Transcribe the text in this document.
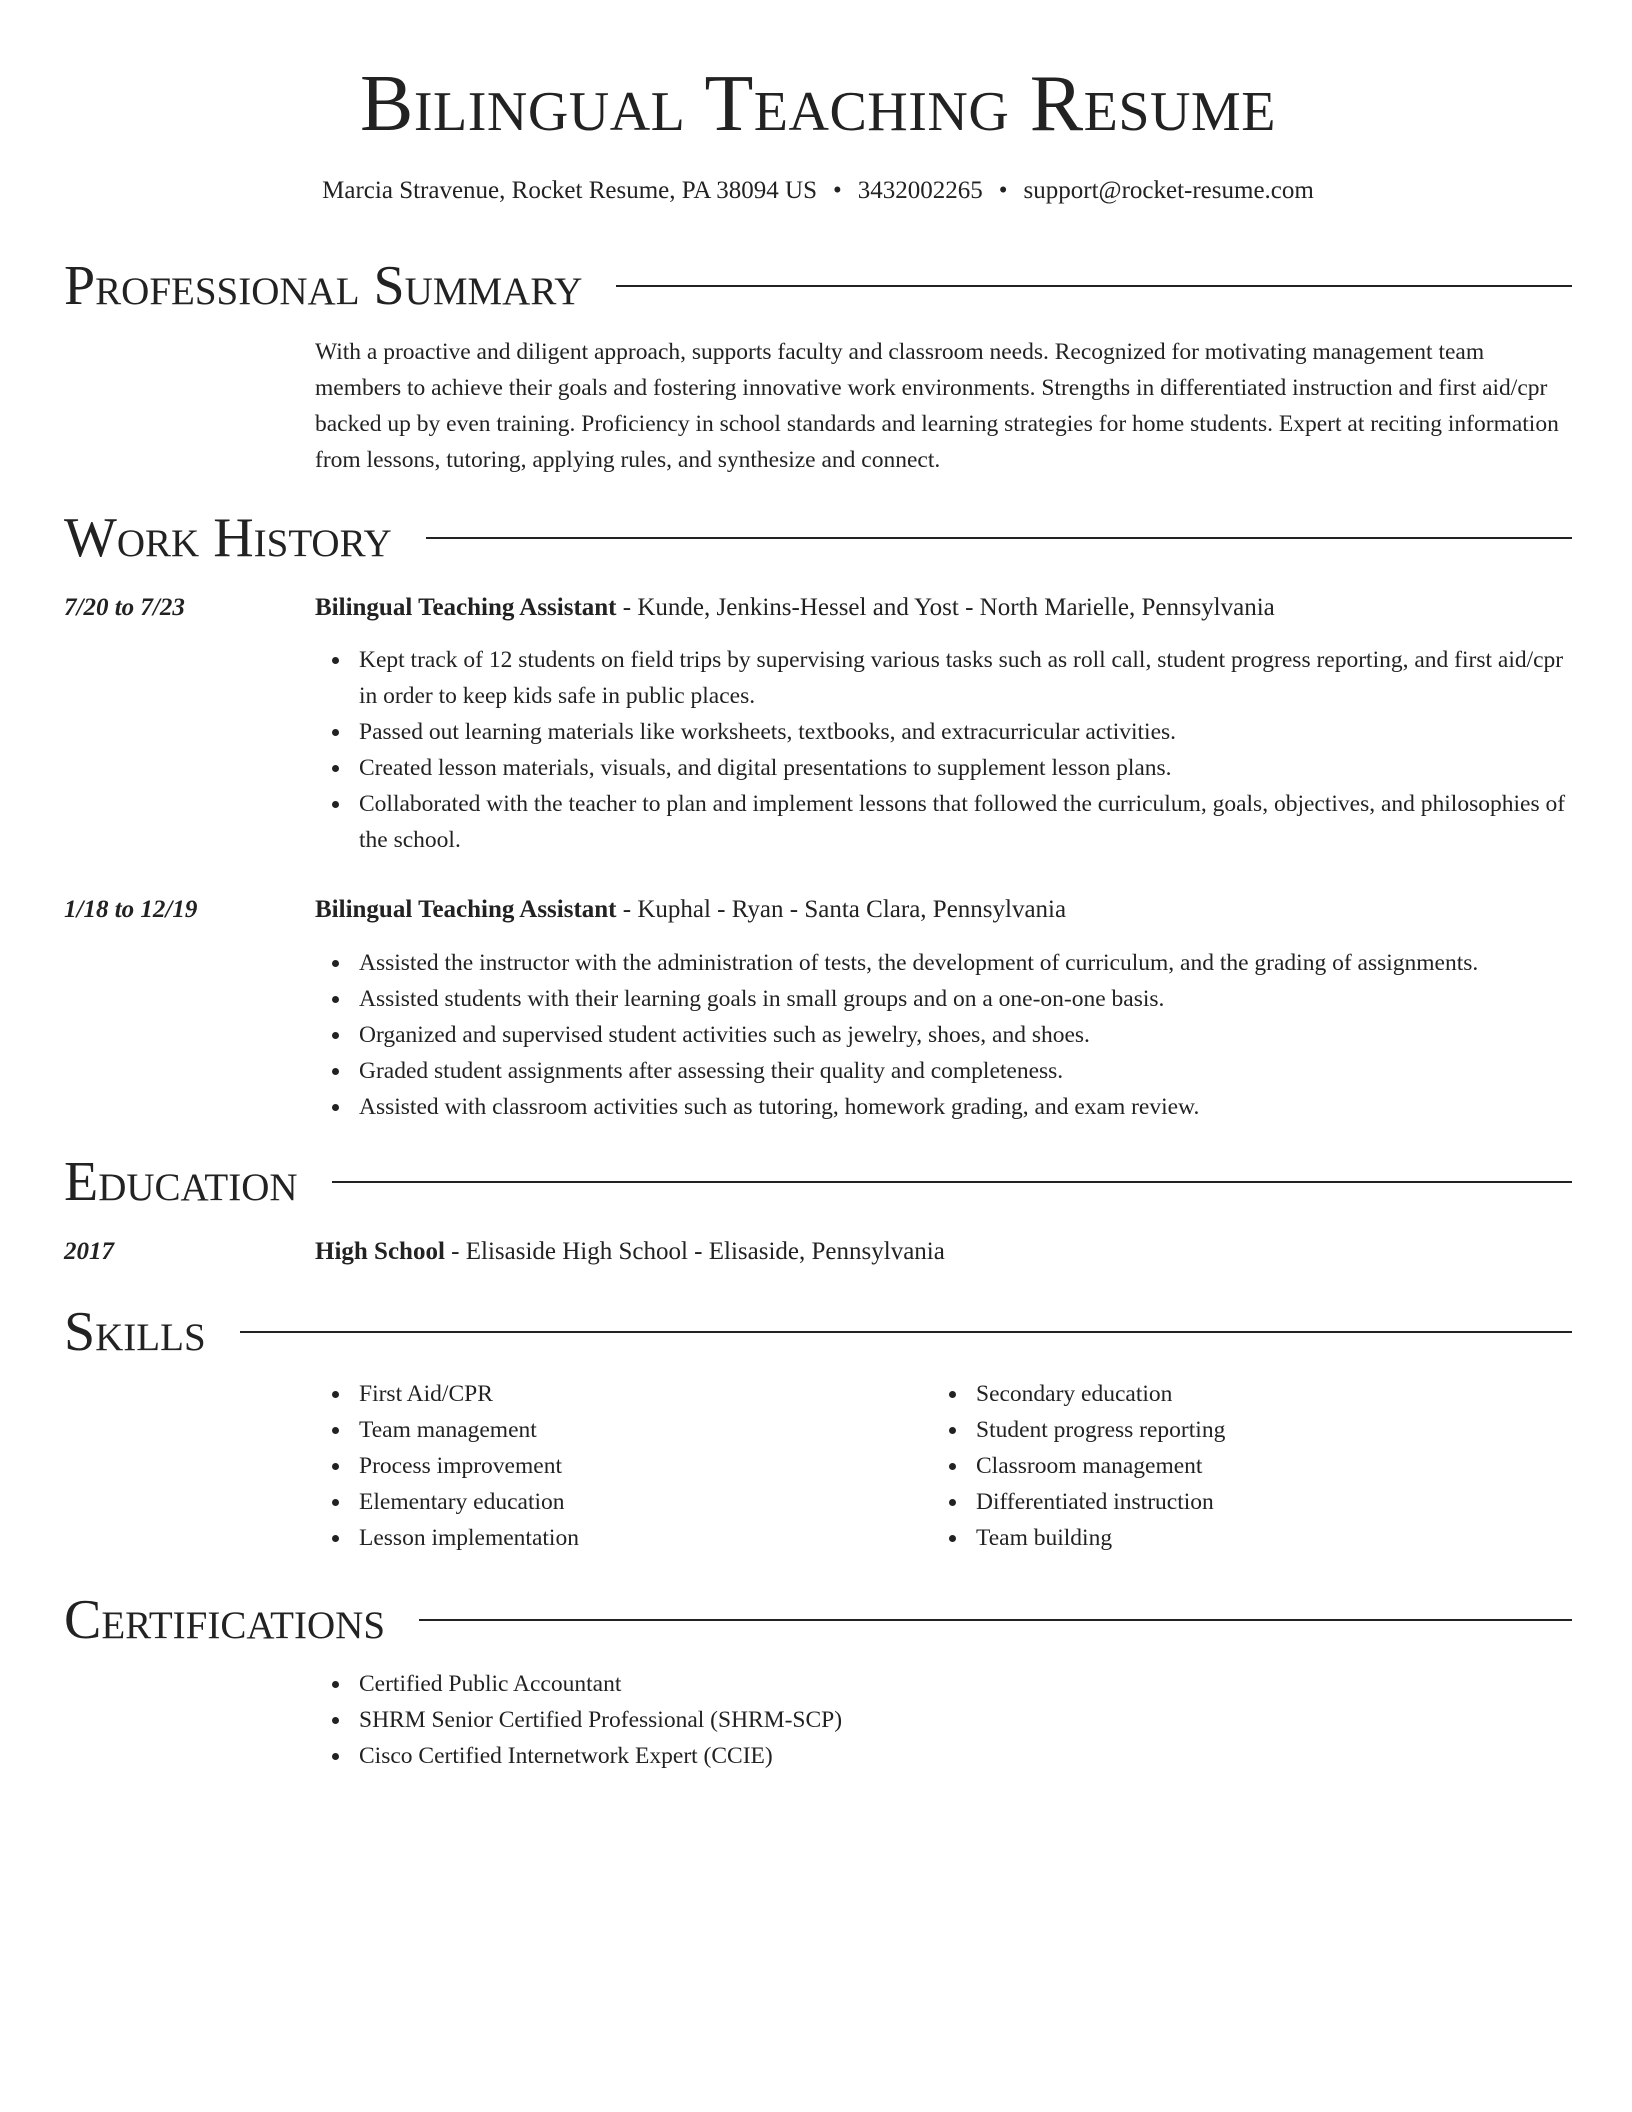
Bilingual Teaching Resume
Marcia Stravenue, Rocket Resume, PA 38094 US • 3432002265 • support@rocket-resume.com
Professional Summary
With a proactive and diligent approach, supports faculty and classroom needs. Recognized for motivating management team members to achieve their goals and fostering innovative work environments. Strengths in differentiated instruction and first aid/cpr backed up by even training. Proficiency in school standards and learning strategies for home students. Expert at reciting information from lessons, tutoring, applying rules, and synthesize and connect.
Work History
7/20 to 7/23	Bilingual Teaching Assistant - Kunde, Jenkins-Hessel and Yost - North Marielle, Pennsylvania
Kept track of 12 students on field trips by supervising various tasks such as roll call, student progress reporting, and first aid/cpr in order to keep kids safe in public places.
Passed out learning materials like worksheets, textbooks, and extracurricular activities.
Created lesson materials, visuals, and digital presentations to supplement lesson plans.
Collaborated with the teacher to plan and implement lessons that followed the curriculum, goals, objectives, and philosophies of the school.
1/18 to 12/19	Bilingual Teaching Assistant - Kuphal - Ryan - Santa Clara, Pennsylvania
Assisted the instructor with the administration of tests, the development of curriculum, and the grading of assignments.
Assisted students with their learning goals in small groups and on a one-on-one basis.
Organized and supervised student activities such as jewelry, shoes, and shoes.
Graded student assignments after assessing their quality and completeness.
Assisted with classroom activities such as tutoring, homework grading, and exam review.
Education
2017	High School - Elisaside High School - Elisaside, Pennsylvania
Skills
First Aid/CPR
Team management
Process improvement
Elementary education
Lesson implementation
Secondary education
Student progress reporting
Classroom management
Differentiated instruction
Team building
Certifications
Certified Public Accountant
SHRM Senior Certified Professional (SHRM-SCP)
Cisco Certified Internetwork Expert (CCIE)
